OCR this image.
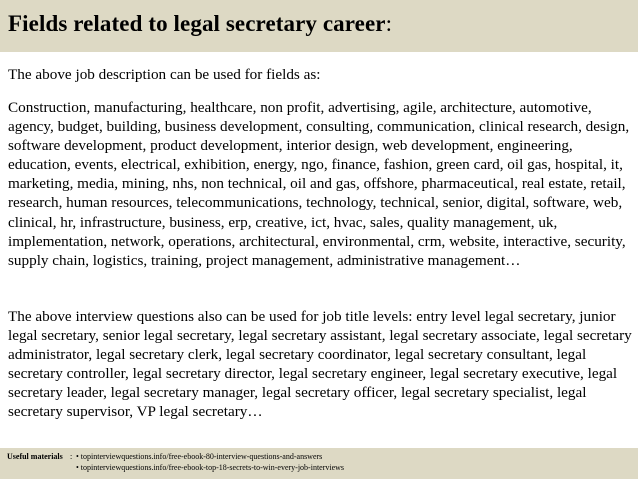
Fields related to legal secretary career:
The above job description can be used for fields as:

Construction, manufacturing, healthcare, non profit, advertising, agile, architecture, automotive, agency, budget, building, business development, consulting, communication, clinical research, design, software development, product development, interior design, web development, engineering, education, events, electrical, exhibition, energy, ngo, finance, fashion, green card, oil gas, hospital, it, marketing, media, mining, nhs, non technical, oil and gas, offshore, pharmaceutical, real estate, retail, research, human resources, telecommunications, technology, technical, senior, digital, software, web, clinical, hr, infrastructure, business, erp, creative, ict, hvac, sales, quality management, uk, implementation, network, operations, architectural, environmental, crm, website, interactive, security, supply chain, logistics, training, project management, administrative management…

The above interview questions also can be used for job title levels: entry level legal secretary, junior legal secretary, senior legal secretary, legal secretary assistant, legal secretary associate, legal secretary administrator, legal secretary clerk, legal secretary coordinator, legal secretary consultant, legal secretary controller, legal secretary director, legal secretary engineer, legal secretary executive, legal secretary leader, legal secretary manager, legal secretary officer, legal secretary specialist, legal secretary supervisor, VP legal secretary…

Useful materials : • topinterviewquestions.info/free-ebook-80-interview-questions-and-answers
• topinterviewquestions.info/free-ebook-top-18-secrets-to-win-every-job-interviews
